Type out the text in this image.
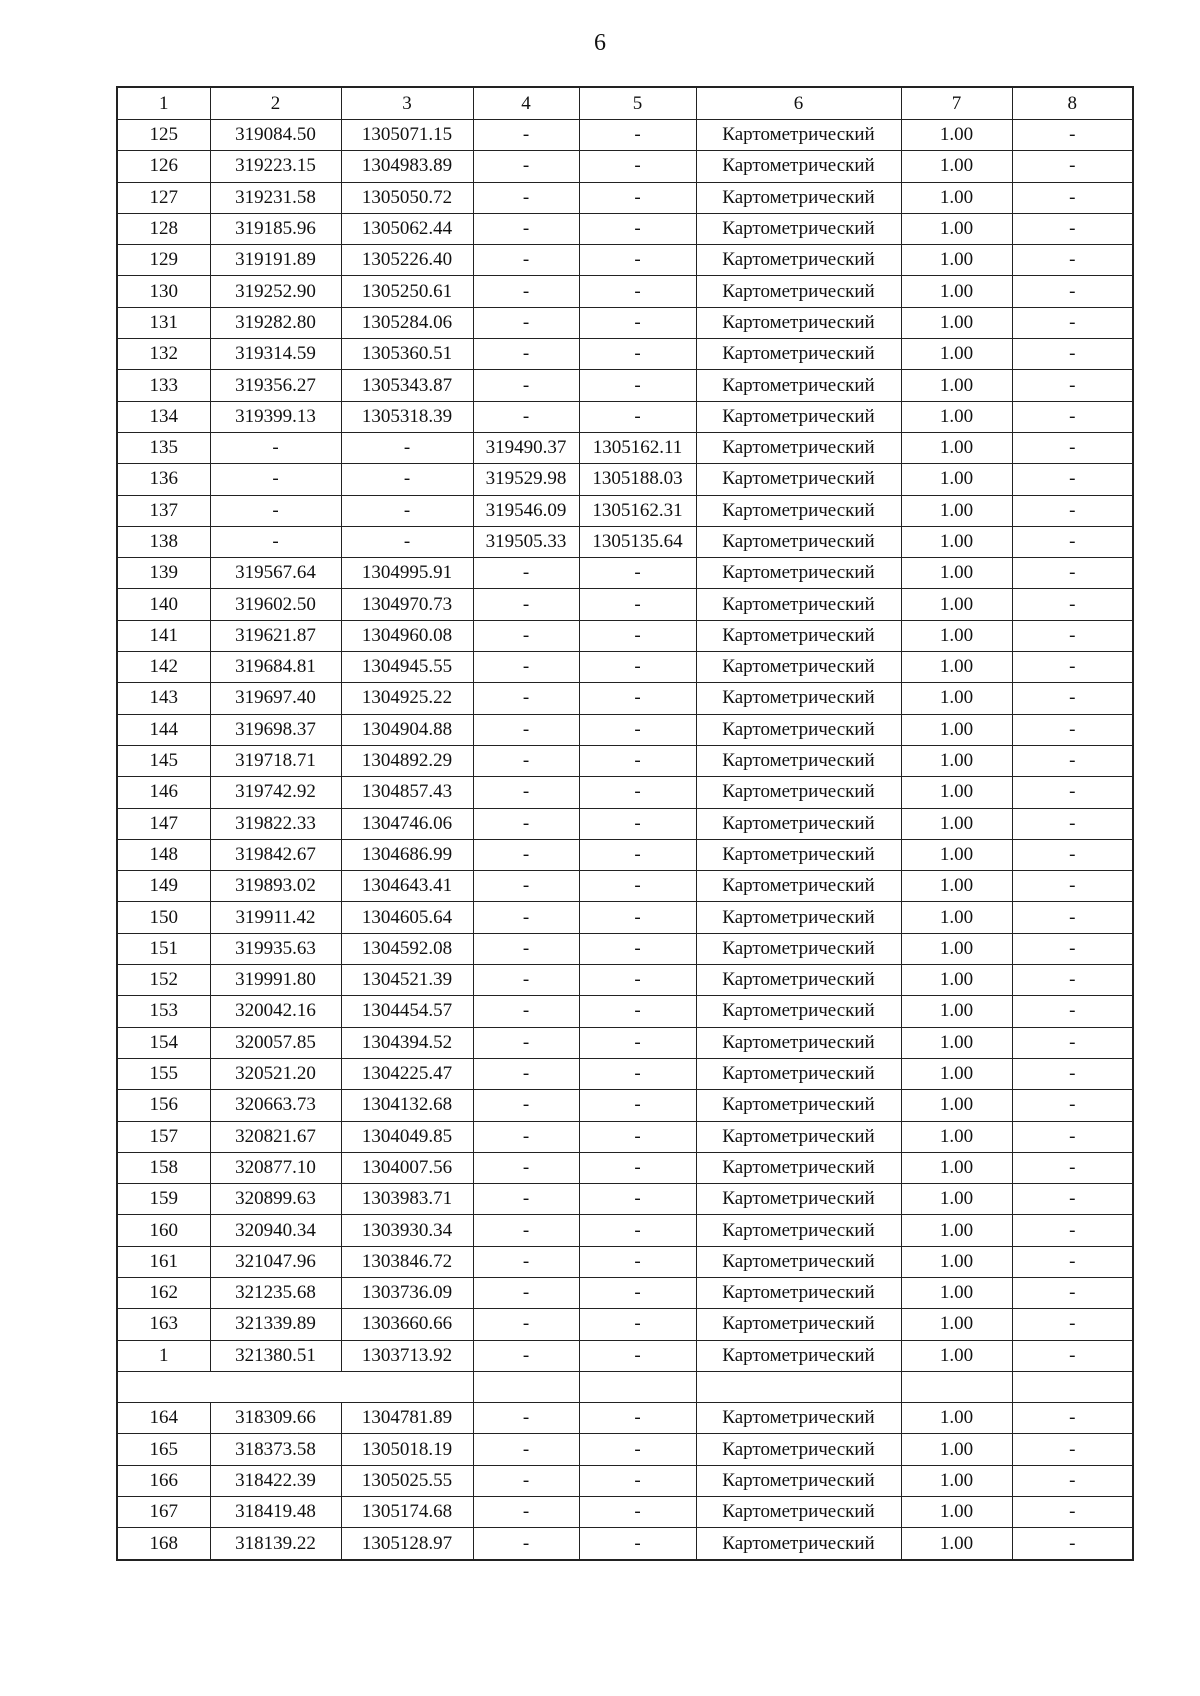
6
1	2	3	4	5	6	7	8
125	319084.50	1305071.15	-	-	Картометрический	1.00	-
126	319223.15	1304983.89	-	-	Картометрический	1.00	-
127	319231.58	1305050.72	-	-	Картометрический	1.00	-
128	319185.96	1305062.44	-	-	Картометрический	1.00	-
129	319191.89	1305226.40	-	-	Картометрический	1.00	-
130	319252.90	1305250.61	-	-	Картометрический	1.00	-
131	319282.80	1305284.06	-	-	Картометрический	1.00	-
132	319314.59	1305360.51	-	-	Картометрический	1.00	-
133	319356.27	1305343.87	-	-	Картометрический	1.00	-
134	319399.13	1305318.39	-	-	Картометрический	1.00	-
135	-	-	319490.37	1305162.11	Картометрический	1.00	-
136	-	-	319529.98	1305188.03	Картометрический	1.00	-
137	-	-	319546.09	1305162.31	Картометрический	1.00	-
138	-	-	319505.33	1305135.64	Картометрический	1.00	-
139	319567.64	1304995.91	-	-	Картометрический	1.00	-
140	319602.50	1304970.73	-	-	Картометрический	1.00	-
141	319621.87	1304960.08	-	-	Картометрический	1.00	-
142	319684.81	1304945.55	-	-	Картометрический	1.00	-
143	319697.40	1304925.22	-	-	Картометрический	1.00	-
144	319698.37	1304904.88	-	-	Картометрический	1.00	-
145	319718.71	1304892.29	-	-	Картометрический	1.00	-
146	319742.92	1304857.43	-	-	Картометрический	1.00	-
147	319822.33	1304746.06	-	-	Картометрический	1.00	-
148	319842.67	1304686.99	-	-	Картометрический	1.00	-
149	319893.02	1304643.41	-	-	Картометрический	1.00	-
150	319911.42	1304605.64	-	-	Картометрический	1.00	-
151	319935.63	1304592.08	-	-	Картометрический	1.00	-
152	319991.80	1304521.39	-	-	Картометрический	1.00	-
153	320042.16	1304454.57	-	-	Картометрический	1.00	-
154	320057.85	1304394.52	-	-	Картометрический	1.00	-
155	320521.20	1304225.47	-	-	Картометрический	1.00	-
156	320663.73	1304132.68	-	-	Картометрический	1.00	-
157	320821.67	1304049.85	-	-	Картометрический	1.00	-
158	320877.10	1304007.56	-	-	Картометрический	1.00	-
159	320899.63	1303983.71	-	-	Картометрический	1.00	-
160	320940.34	1303930.34	-	-	Картометрический	1.00	-
161	321047.96	1303846.72	-	-	Картометрический	1.00	-
162	321235.68	1303736.09	-	-	Картометрический	1.00	-
163	321339.89	1303660.66	-	-	Картометрический	1.00	-
1	321380.51	1303713.92	-	-	Картометрический	1.00	-

164	318309.66	1304781.89	-	-	Картометрический	1.00	-
165	318373.58	1305018.19	-	-	Картометрический	1.00	-
166	318422.39	1305025.55	-	-	Картометрический	1.00	-
167	318419.48	1305174.68	-	-	Картометрический	1.00	-
168	318139.22	1305128.97	-	-	Картометрический	1.00	-
